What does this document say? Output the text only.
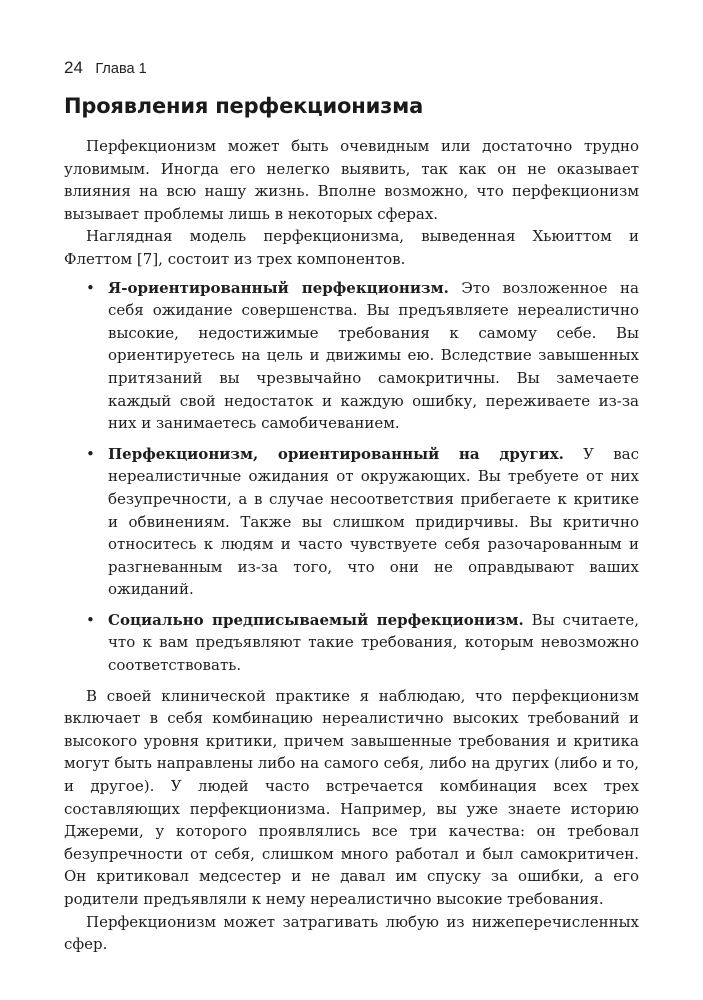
24 Глава 1
Проявления перфекционизма

Перфекционизм может быть очевидным или достаточно трудно уловимым. Иногда его нелегко выявить, так как он не оказывает влияния на всю нашу жизнь. Вполне возможно, что перфекционизм вызывает проблемы лишь в некоторых сферах.

Наглядная модель перфекционизма, выведенная Хьюиттом и Флеттом [7], состоит из трех компонентов.

• Я-ориентированный перфекционизм. Это возложенное на себя ожидание совершенства. Вы предъявляете нереалистично высокие, недостижимые требования к самому себе. Вы ориентируетесь на цель и движимы ею. Вследствие завышенных притязаний вы чрезвычайно самокритичны. Вы замечаете каждый свой недостаток и каждую ошибку, переживаете из-за них и занимаетесь самобичеванием.
• Перфекционизм, ориентированный на других. У вас нереалистичные ожидания от окружающих. Вы требуете от них безупречности, а в случае несоответствия прибегаете к критике и обвинениям. Также вы слишком придирчивы. Вы критично относитесь к людям и часто чувствуете себя разочарованным и разгневанным из-за того, что они не оправдывают ваших ожиданий.
• Социально предписываемый перфекционизм. Вы считаете, что к вам предъявляют такие требования, которым невозможно соответствовать.

В своей клинической практике я наблюдаю, что перфекционизм включает в себя комбинацию нереалистично высоких требований и высокого уровня критики, причем завышенные требования и критика могут быть направлены либо на самого себя, либо на других (либо и то, и другое). У людей часто встречается комбинация всех трех составляющих перфекционизма. Например, вы уже знаете историю Джереми, у которого проявлялись все три качества: он требовал безупречности от себя, слишком много работал и был самокритичен. Он критиковал медсестер и не давал им спуску за ошибки, а его родители предъявляли к нему нереалистично высокие требования.

Перфекционизм может затрагивать любую из нижеперечисленных сфер.
